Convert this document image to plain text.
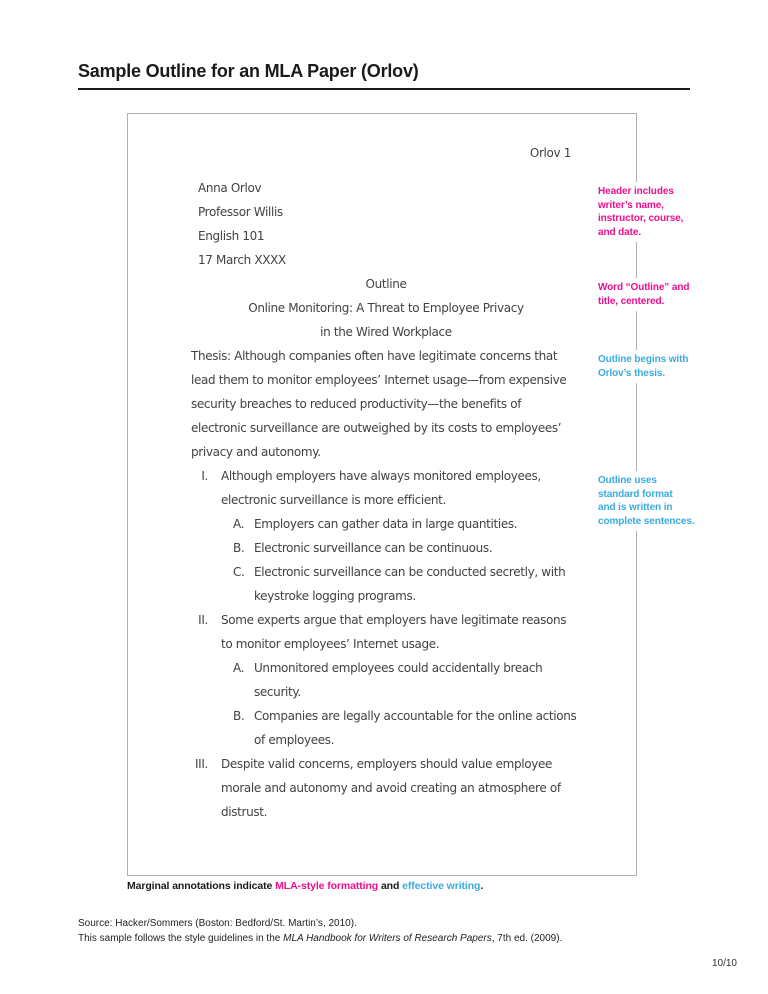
Sample Outline for an MLA Paper (Orlov)
Orlov 1
Anna Orlov
Professor Willis
English 101
17 March XXXX
Outline
Online Monitoring: A Threat to Employee Privacy
in the Wired Workplace
Thesis: Although companies often have legitimate concerns that
lead them to monitor employees’ Internet usage—from expensive
security breaches to reduced productivity—the benefits of
electronic surveillance are outweighed by its costs to employees’
privacy and autonomy.
I.	Although employers have always monitored employees,
electronic surveillance is more efficient.
A. Employers can gather data in large quantities.
B. Electronic surveillance can be continuous.
C. Electronic surveillance can be conducted secretly, with
keystroke logging programs.
II.	Some experts argue that employers have legitimate reasons
to monitor employees’ Internet usage.
A. Unmonitored employees could accidentally breach
security.
B. Companies are legally accountable for the online actions
of employees.
III.	Despite valid concerns, employers should value employee
morale and autonomy and avoid creating an atmosphere of
distrust.
Header includes
writer’s name,
instructor, course,
and date.
Word “Outline” and
title, centered.
Outline begins with
Orlov’s thesis.
Outline uses
standard format
and is written in
complete sentences.
Marginal annotations indicate MLA-style formatting and effective writing.
Source: Hacker/Sommers (Boston: Bedford/St. Martin’s, 2010).
This sample follows the style guidelines in the MLA Handbook for Writers of Research Papers, 7th ed. (2009).
10/10
